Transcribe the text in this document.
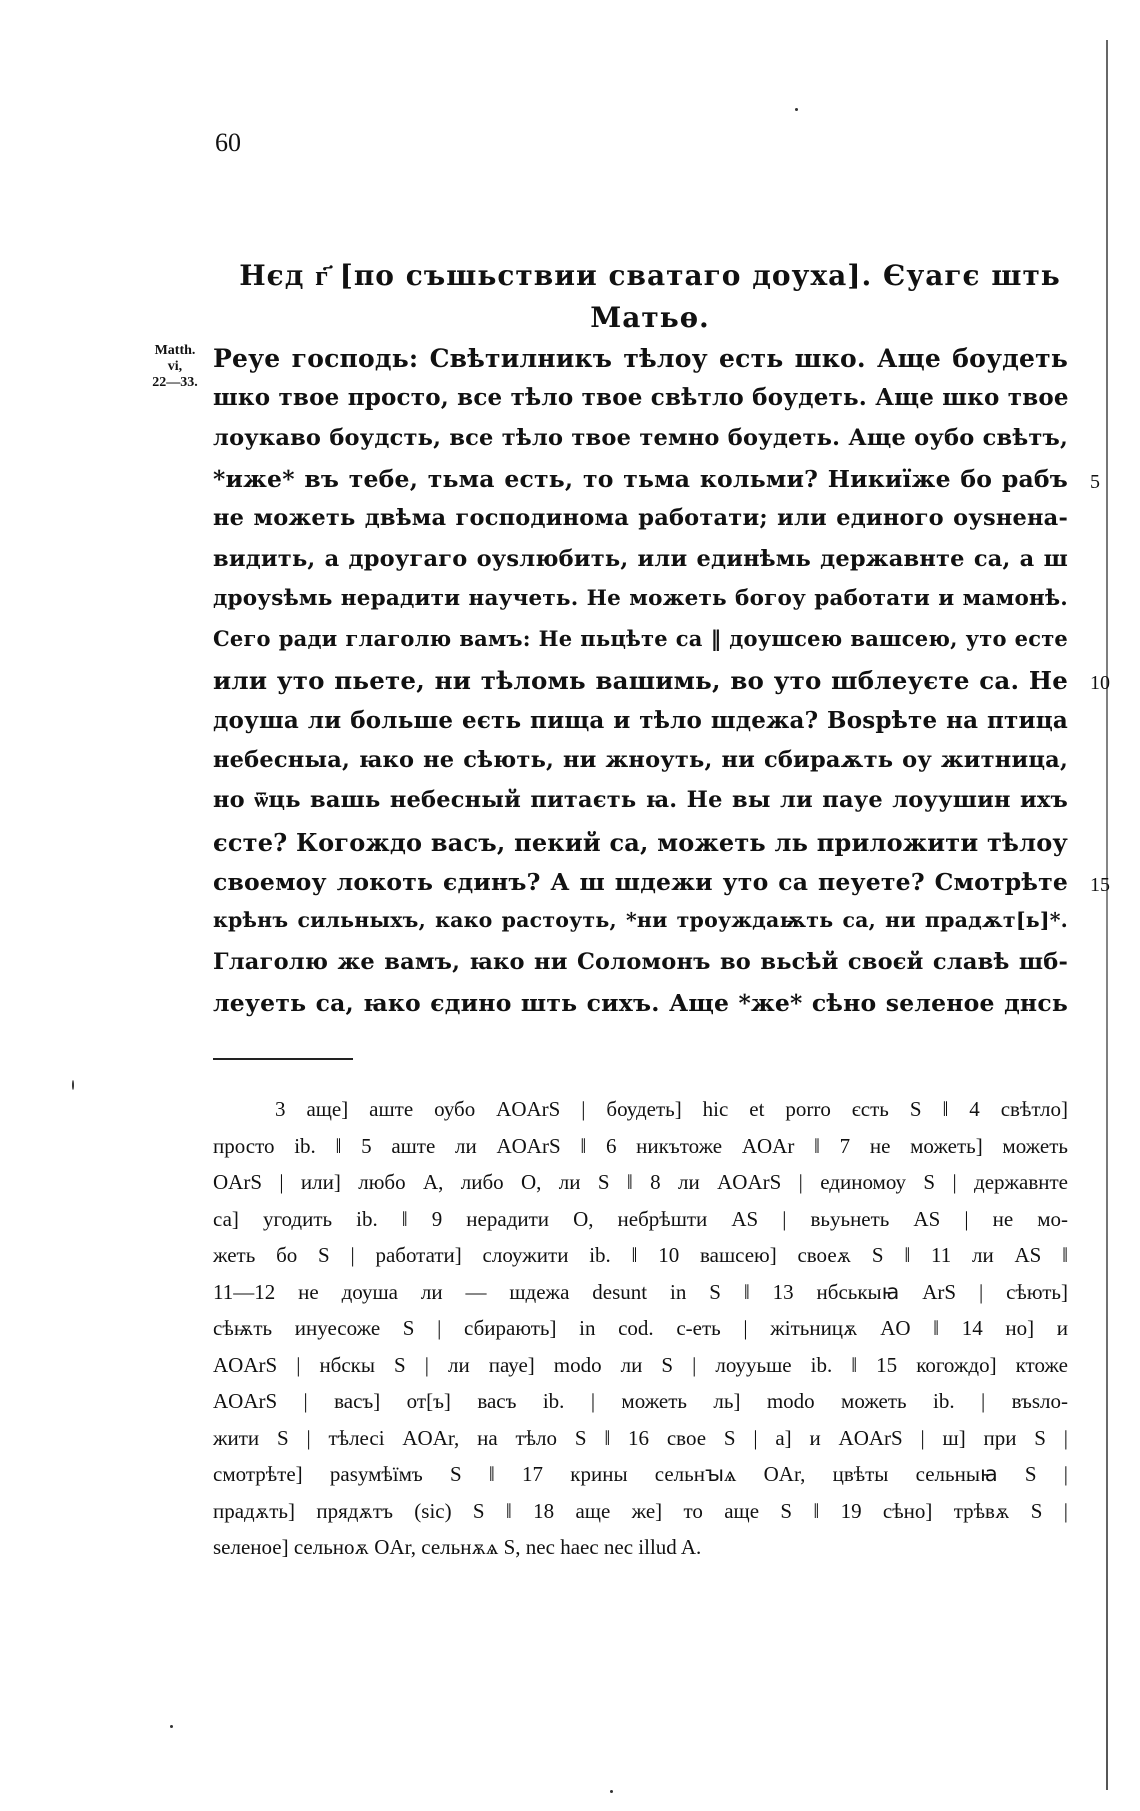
60
Нєд г҃ [по съшьствии сватаго доуха]. Єуагє шть
Матьѳ.
Matth.
vi,
22—33.
Реуе господь: Свѣтилникъ тѣлоу есть шко. Аще боудеть
шко твое просто, все тѣло твое свѣтло боудеть. Аще шко твое
лоукаво боудсть, все тѣло твое темно боудеть. Аще оубо свѣтъ,
*иже* въ тебе, тьма есть, то тьма кольми? Никиїже бо рабъ
не можеть двѣма господинома работати; или единого оуѕнена-
видить, а дроугаго оуѕлюбить, или единѣмь державнте са, а ш
дроуѕѣмь нерадити научеть. Не можеть богоу работати и мамонѣ.
Сего ради глаголю вамъ: Не пьцѣте са ‖ доушсею вашсею, уто есте
или уто пьете, ни тѣломь вашимь, во уто шблеуєте са. Не
доуша ли больше еєть пища и тѣло шдежа? Воѕрѣте на птица
небесныа, ꙗко не сѣють, ни жноуть, ни сбираѫть оу житница,
но ѿць вашь небесный питаєть ꙗ. Не вы ли пауе лоуушин ихъ
єсте? Когождо васъ, пекий са, можеть ль приложити тѣлоу
своемоу локоть єдинъ? А ш шдежи уто са пеуете? Смотрѣте
крѣнъ сильныхъ, како растоуть, *ни троуждаѭть са, ни прадѫт[ь]*.
Глаголю же вамъ, ꙗко ни Соломонъ во вьсѣй своєй славѣ шб-
леуеть са, ꙗко єдино шть сихъ. Аще *же* сѣно ѕеленое днсь
5
10
15
3 аще] аште оубо AOArS | боудеть] hic et porro єсть S ‖ 4 свѣтло]
просто ib. ‖ 5 аште ли AOArS ‖ 6 никътоже AOAr ‖ 7 не можеть] можеть
OArS | или] любо A, либо O, ли S ‖ 8 ли AOArS | единомоу S | державнте
са] угодить ib. ‖ 9 нерадити O, небрѣшти AS | вьуьнеть AS | не мо-
жеть бо S | работати] слоужити ib. ‖ 10 вашсею] своеѫ S ‖ 11 ли AS ‖
11—12 не доуша ли — шдежа desunt in S ‖ 13 нбськыꙗ ArS | сѣють]
сѣѭть инуесоже S | сбирають] in cod. с-еть | жітьницѫ AO ‖ 14 но] и
AOArS | нбскы S | ли пауе] modo ли S | лоууьше ib. ‖ 15 когождо] ктоже
AOArS | васъ] от[ъ] васъ ib. | можеть ль] modo можеть ib. | въѕло-
жити S | тѣлесі AOAr, на тѣло S ‖ 16 свое S | а] и AOArS | ш] при S |
смотрѣте] раѕумѣїмъ S ‖ 17 крины сельнꙑѧ OAr, цвѣты сельныꙗ S |
прадѫть] прядѫтъ (sic) S ‖ 18 аще же] то аще S ‖ 19 сѣно] трѣвѫ S |
ѕеленое] сельноѫ OAr, сельнѫѧ S, nec haec nec illud A.
